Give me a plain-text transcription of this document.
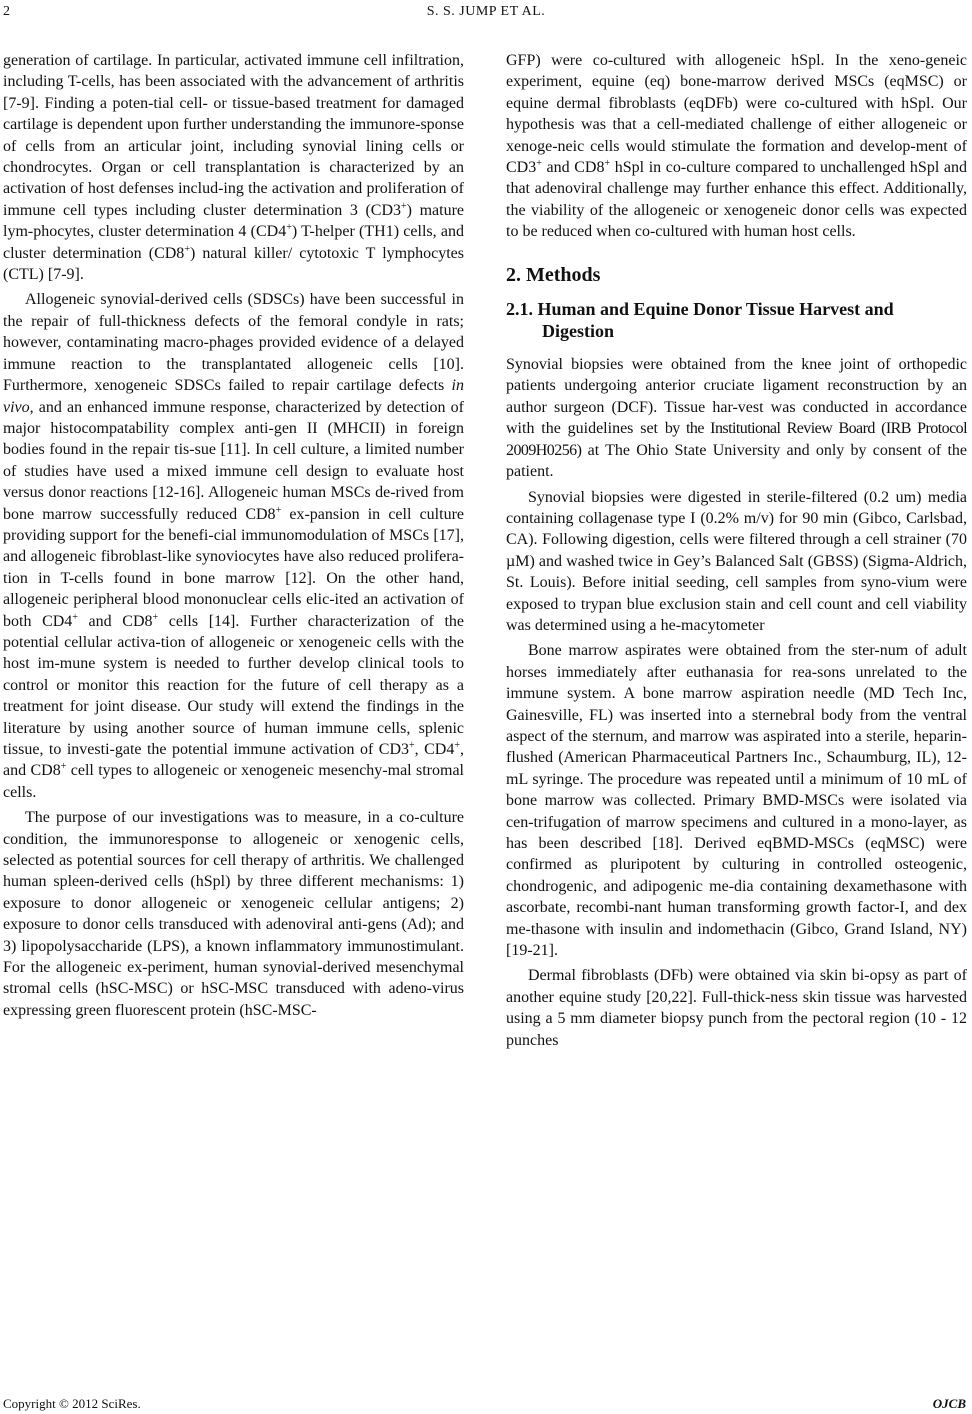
2	S. S. JUMP ET AL.

generation of cartilage. In particular, activated immune cell infiltration, including T-cells, has been associated with the advancement of arthritis [7-9]. Finding a poten-tial cell- or tissue-based treatment for damaged cartilage is dependent upon further understanding the immunore-sponse of cells from an articular joint, including synovial lining cells or chondrocytes. Organ or cell transplantation is characterized by an activation of host defenses includ-ing the activation and proliferation of immune cell types including cluster determination 3 (CD3+) mature lym-phocytes, cluster determination 4 (CD4+) T-helper (TH1) cells, and cluster determination (CD8+) natural killer/ cytotoxic T lymphocytes (CTL) [7-9].

Allogeneic synovial-derived cells (SDSCs) have been successful in the repair of full-thickness defects of the femoral condyle in rats; however, contaminating macro-phages provided evidence of a delayed immune reaction to the transplantated allogeneic cells [10]. Furthermore, xenogeneic SDSCs failed to repair cartilage defects in vivo, and an enhanced immune response, characterized by detection of major histocompatability complex anti-gen II (MHCII) in foreign bodies found in the repair tis-sue [11]. In cell culture, a limited number of studies have used a mixed immune cell design to evaluate host versus donor reactions [12-16]. Allogeneic human MSCs de-rived from bone marrow successfully reduced CD8+ ex-pansion in cell culture providing support for the benefi-cial immunomodulation of MSCs [17], and allogeneic fibroblast-like synoviocytes have also reduced prolifera-tion in T-cells found in bone marrow [12]. On the other hand, allogeneic peripheral blood mononuclear cells elic-ited an activation of both CD4+ and CD8+ cells [14]. Further characterization of the potential cellular activa-tion of allogeneic or xenogeneic cells with the host im-mune system is needed to further develop clinical tools to control or monitor this reaction for the future of cell therapy as a treatment for joint disease. Our study will extend the findings in the literature by using another source of human immune cells, splenic tissue, to investi-gate the potential immune activation of CD3+, CD4+, and CD8+ cell types to allogeneic or xenogeneic mesenchy-mal stromal cells.

The purpose of our investigations was to measure, in a co-culture condition, the immunoresponse to allogeneic or xenogenic cells, selected as potential sources for cell therapy of arthritis. We challenged human spleen-derived cells (hSpl) by three different mechanisms: 1) exposure to donor allogeneic or xenogeneic cellular antigens; 2) exposure to donor cells transduced with adenoviral anti-gens (Ad); and 3) lipopolysaccharide (LPS), a known inflammatory immunostimulant. For the allogeneic ex-periment, human synovial-derived mesenchymal stromal cells (hSC-MSC) or hSC-MSC transduced with adeno-virus expressing green fluorescent protein (hSC-MSC-

GFP) were co-cultured with allogeneic hSpl. In the xeno-geneic experiment, equine (eq) bone-marrow derived MSCs (eqMSC) or equine dermal fibroblasts (eqDFb) were co-cultured with hSpl. Our hypothesis was that a cell-mediated challenge of either allogeneic or xenoge-neic cells would stimulate the formation and develop-ment of CD3+ and CD8+ hSpl in co-culture compared to unchallenged hSpl and that adenoviral challenge may further enhance this effect. Additionally, the viability of the allogeneic or xenogeneic donor cells was expected to be reduced when co-cultured with human host cells.

2. Methods
2.1. Human and Equine Donor Tissue Harvest and Digestion

Synovial biopsies were obtained from the knee joint of orthopedic patients undergoing anterior cruciate ligament reconstruction by an author surgeon (DCF). Tissue har-vest was conducted in accordance with the guidelines set by the Institutional Review Board (IRB Protocol 2009H0256) at The Ohio State University and only by consent of the patient.

Synovial biopsies were digested in sterile-filtered (0.2 um) media containing collagenase type I (0.2% m/v) for 90 min (Gibco, Carlsbad, CA). Following digestion, cells were filtered through a cell strainer (70 µM) and washed twice in Gey’s Balanced Salt (GBSS) (Sigma-Aldrich, St. Louis). Before initial seeding, cell samples from syno-vium were exposed to trypan blue exclusion stain and cell count and cell viability was determined using a he-macytometer

Bone marrow aspirates were obtained from the ster-num of adult horses immediately after euthanasia for rea-sons unrelated to the immune system. A bone marrow aspiration needle (MD Tech Inc, Gainesville, FL) was inserted into a sternebral body from the ventral aspect of the sternum, and marrow was aspirated into a sterile, heparin-flushed (American Pharmaceutical Partners Inc., Schaumburg, IL), 12-mL syringe. The procedure was repeated until a minimum of 10 mL of bone marrow was collected. Primary BMD-MSCs were isolated via cen-trifugation of marrow specimens and cultured in a mono-layer, as has been described [18]. Derived eqBMD-MSCs (eqMSC) were confirmed as pluripotent by culturing in controlled osteogenic, chondrogenic, and adipogenic me-dia containing dexamethasone with ascorbate, recombi-nant human transforming growth factor-I, and dex me-thasone with insulin and indomethacin (Gibco, Grand Island, NY) [19-21].

Dermal fibroblasts (DFb) were obtained via skin bi-opsy as part of another equine study [20,22]. Full-thick-ness skin tissue was harvested using a 5 mm diameter biopsy punch from the pectoral region (10 - 12 punches

Copyright © 2012 SciRes.	OJCB
